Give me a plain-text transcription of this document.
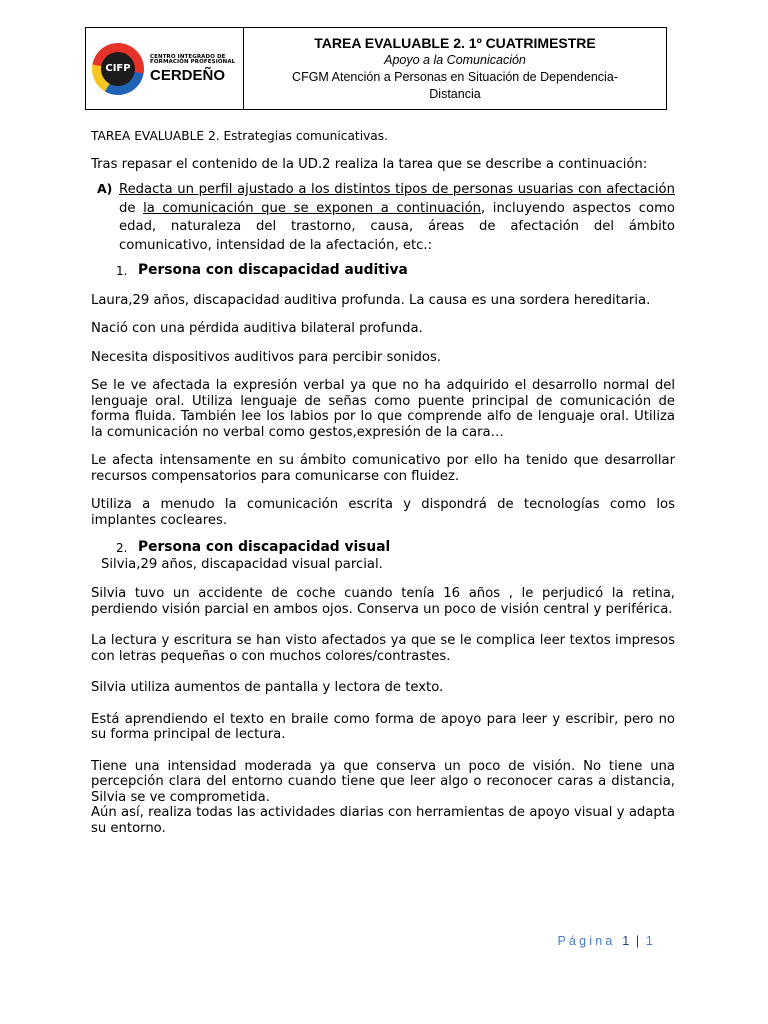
CIFP
CENTRO INTEGRADO DE
FORMACIÓN PROFESIONAL
CERDEÑO
TAREA EVALUABLE 2. 1º CUATRIMESTRE
Apoyo a la Comunicación
CFGM Atención a Personas en Situación de Dependencia-
Distancia

TAREA EVALUABLE 2. Estrategias comunicativas.

Tras repasar el contenido de la UD.2 realiza la tarea que se describe a continuación:

A) Redacta un perfil ajustado a los distintos tipos de personas usuarias con afectación de la comunicación que se exponen a continuación, incluyendo aspectos como edad, naturaleza del trastorno, causa, áreas de afectación del ámbito comunicativo, intensidad de la afectación, etc.:
1. Persona con discapacidad auditiva

Laura,29 años, discapacidad auditiva profunda. La causa es una sordera hereditaria.

Nació con una pérdida auditiva bilateral profunda.

Necesita dispositivos auditivos para percibir sonidos.

Se le ve afectada la expresión verbal ya que no ha adquirido el desarrollo normal del lenguaje oral. Utiliza lenguaje de señas como puente principal de comunicación de forma fluida. También lee los labios por lo que comprende alfo de lenguaje oral. Utiliza la comunicación no verbal como gestos,expresión de la cara…

Le afecta intensamente en su ámbito comunicativo por ello ha tenido que desarrollar recursos compensatorios para comunicarse con fluidez.

Utiliza a menudo la comunicación escrita y dispondrá de tecnologías como los implantes cocleares.

2. Persona con discapacidad visual

Silvia,29 años, discapacidad visual parcial.

Silvia tuvo un accidente de coche cuando tenía 16 años , le perjudicó la retina, perdiendo visión parcial en ambos ojos. Conserva un poco de visión central y periférica.

La lectura y escritura se han visto afectados ya que se le complica leer textos impresos con letras pequeñas o con muchos colores/contrastes.

Silvia utiliza aumentos de pantalla y lectora de texto.

Está aprendiendo el texto en braile como forma de apoyo para leer y escribir, pero no su forma principal de lectura.

Tiene una intensidad moderada ya que conserva un poco de visión. No tiene una percepción clara del entorno cuando tiene que leer algo o reconocer caras a distancia, Silvia se ve comprometida.

Aún así, realiza todas las actividades diarias con herramientas de apoyo visual y adapta su entorno.

Página 1 | 1
